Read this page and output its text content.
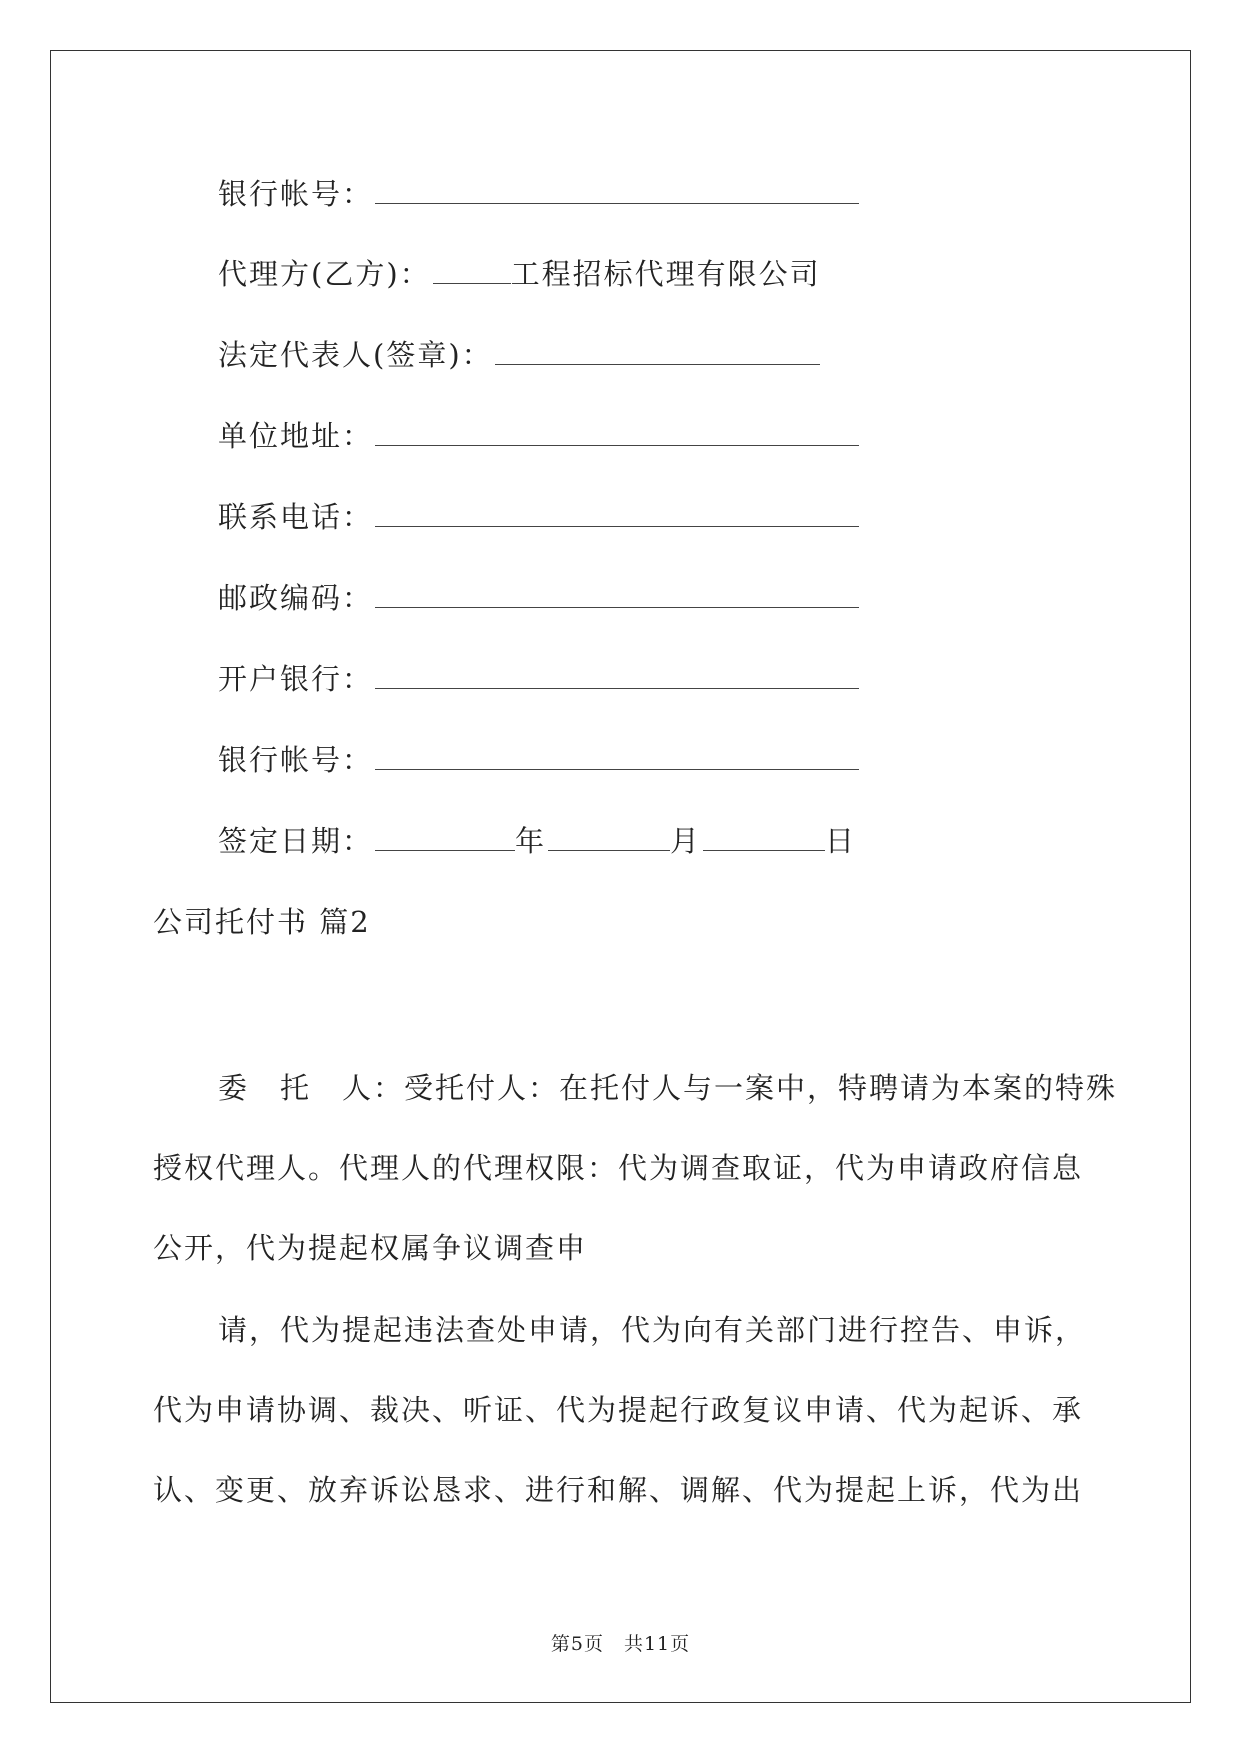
银行帐号：
代理方(乙方)：	工程招标代理有限公司
法定代表人(签章)：
单位地址：
联系电话：
邮政编码：
开户银行：
银行帐号：
签定日期：	年	月	日
公司托付书 篇2
委　托　人：受托付人：在托付人与一案中，特聘请为本案的特殊
授权代理人。代理人的代理权限：代为调查取证，代为申请政府信息
公开，代为提起权属争议调查申
请，代为提起违法查处申请，代为向有关部门进行控告、申诉，
代为申请协调、裁决、听证、代为提起行政复议申请、代为起诉、承
认、变更、放弃诉讼恳求、进行和解、调解、代为提起上诉，代为出
第5页　共11页
